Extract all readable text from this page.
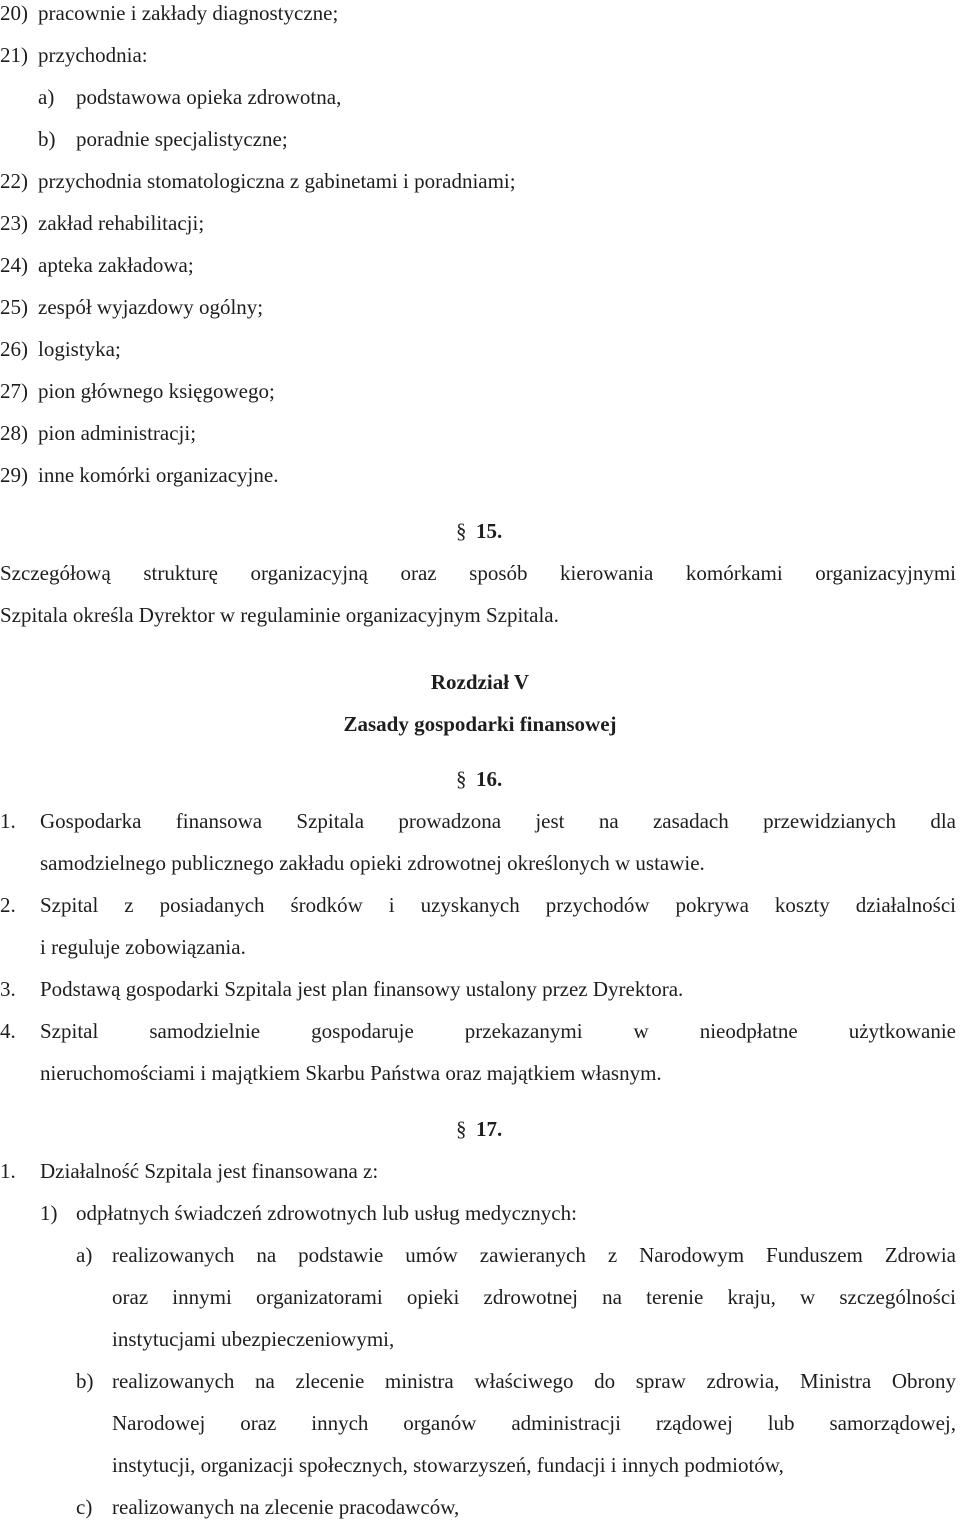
20) pracownie i zakłady diagnostyczne;
21) przychodnia:
a) podstawowa opieka zdrowotna,
b) poradnie specjalistyczne;
22) przychodnia stomatologiczna z gabinetami i poradniami;
23) zakład rehabilitacji;
24) apteka zakładowa;
25) zespół wyjazdowy ogólny;
26) logistyka;
27) pion głównego księgowego;
28) pion administracji;
29) inne komórki organizacyjne.
§ 15.
Szczegółową strukturę organizacyjną oraz sposób kierowania komórkami organizacyjnymi
Szpitala określa Dyrektor w regulaminie organizacyjnym Szpitala.
Rozdział V
Zasady gospodarki finansowej
§ 16.
1. Gospodarka finansowa Szpitala prowadzona jest na zasadach przewidzianych dla
samodzielnego publicznego zakładu opieki zdrowotnej określonych w ustawie.
2. Szpital z posiadanych środków i uzyskanych przychodów pokrywa koszty działalności
i reguluje zobowiązania.
3. Podstawą gospodarki Szpitala jest plan finansowy ustalony przez Dyrektora.
4. Szpital samodzielnie gospodaruje przekazanymi w nieodpłatne użytkowanie
nieruchomościami i majątkiem Skarbu Państwa oraz majątkiem własnym.
§ 17.
1. Działalność Szpitala jest finansowana z:
1) odpłatnych świadczeń zdrowotnych lub usług medycznych:
a) realizowanych na podstawie umów zawieranych z Narodowym Funduszem Zdrowia
oraz innymi organizatorami opieki zdrowotnej na terenie kraju, w szczególności
instytucjami ubezpieczeniowymi,
b) realizowanych na zlecenie ministra właściwego do spraw zdrowia, Ministra Obrony
Narodowej oraz innych organów administracji rządowej lub samorządowej,
instytucji, organizacji społecznych, stowarzyszeń, fundacji i innych podmiotów,
c) realizowanych na zlecenie pracodawców,
